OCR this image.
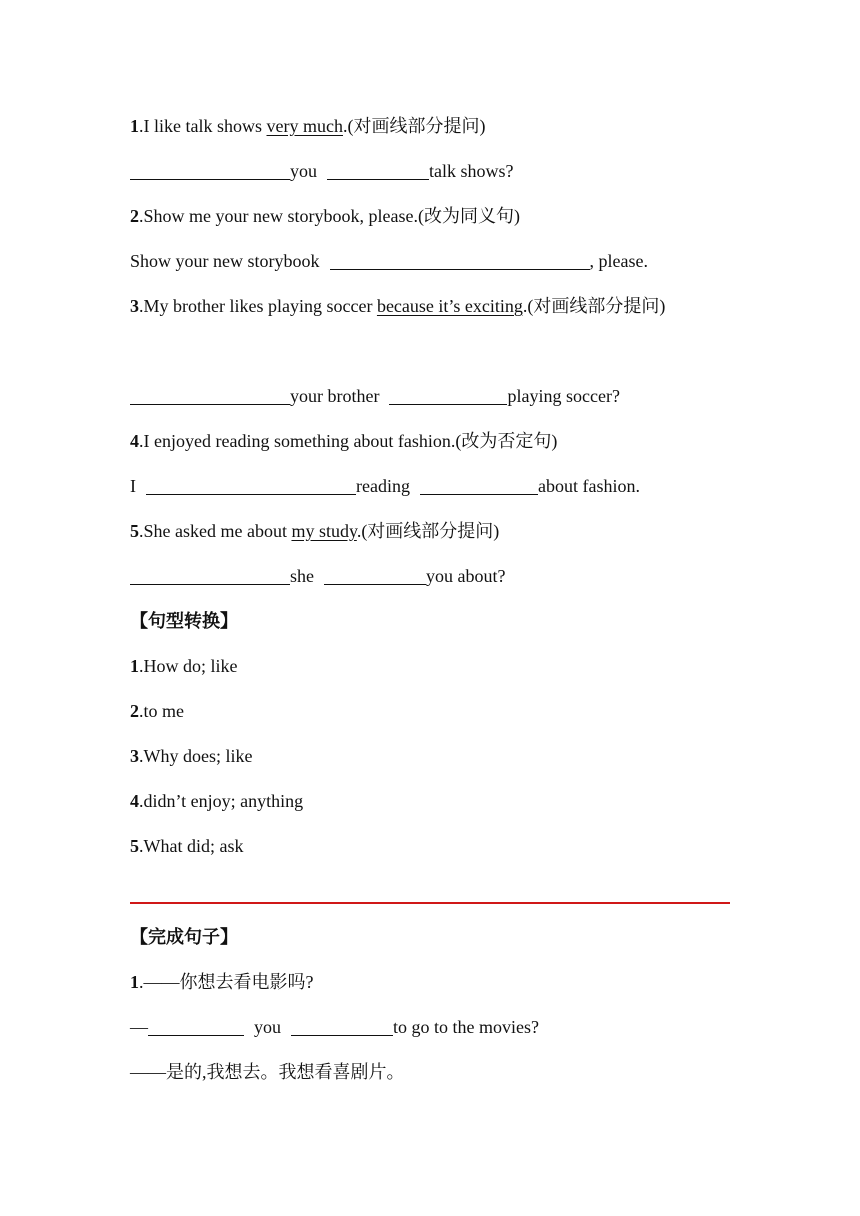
1.I like talk shows very much.(对画线部分提问)
you	talk shows?
2.Show me your new storybook, please.(改为同义句)
Show your new storybook	, please.
3.My brother likes playing soccer because it’s exciting.(对画线部分提问)
your brother	playing soccer?
4.I enjoyed reading something about fashion.(改为否定句)
I	reading	about fashion.
5.She asked me about my study.(对画线部分提问)
she	you about?
【句型转换】
1.How do; like
2.to me
3.Why does; like
4.didn’t enjoy; anything
5.What did; ask
【完成句子】
1.——你想去看电影吗?
—	you	to go to the movies?
——是的,我想去。我想看喜剧片。
